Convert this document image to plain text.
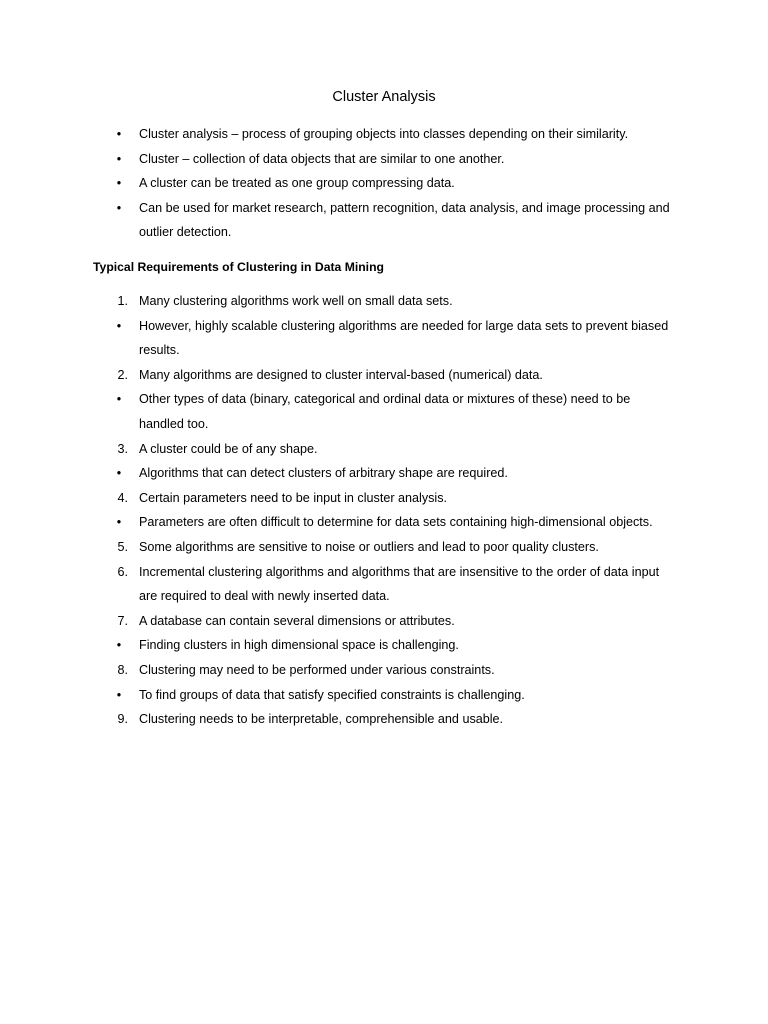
Cluster Analysis
•	Cluster analysis – process of grouping objects into classes depending on their similarity.
•	Cluster – collection of data objects that are similar to one another.
•	A cluster can be treated as one group compressing data.
•	Can be used for market research, pattern recognition, data analysis, and image processing and outlier detection.
Typical Requirements of Clustering in Data Mining
1. Many clustering algorithms work well on small data sets.
•	However, highly scalable clustering algorithms are needed for large data sets to prevent biased results.
2. Many algorithms are designed to cluster interval-based (numerical) data.
•	Other types of data (binary, categorical and ordinal data or mixtures of these) need to be handled too.
3. A cluster could be of any shape.
•	Algorithms that can detect clusters of arbitrary shape are required.
4. Certain parameters need to be input in cluster analysis.
•	Parameters are often difficult to determine for data sets containing high-dimensional objects.
5. Some algorithms are sensitive to noise or outliers and lead to poor quality clusters.
6. Incremental clustering algorithms and algorithms that are insensitive to the order of data input are required to deal with newly inserted data.
7. A database can contain several dimensions or attributes.
•	Finding clusters in high dimensional space is challenging.
8. Clustering may need to be performed under various constraints.
•	To find groups of data that satisfy specified constraints is challenging.
9. Clustering needs to be interpretable, comprehensible and usable.
